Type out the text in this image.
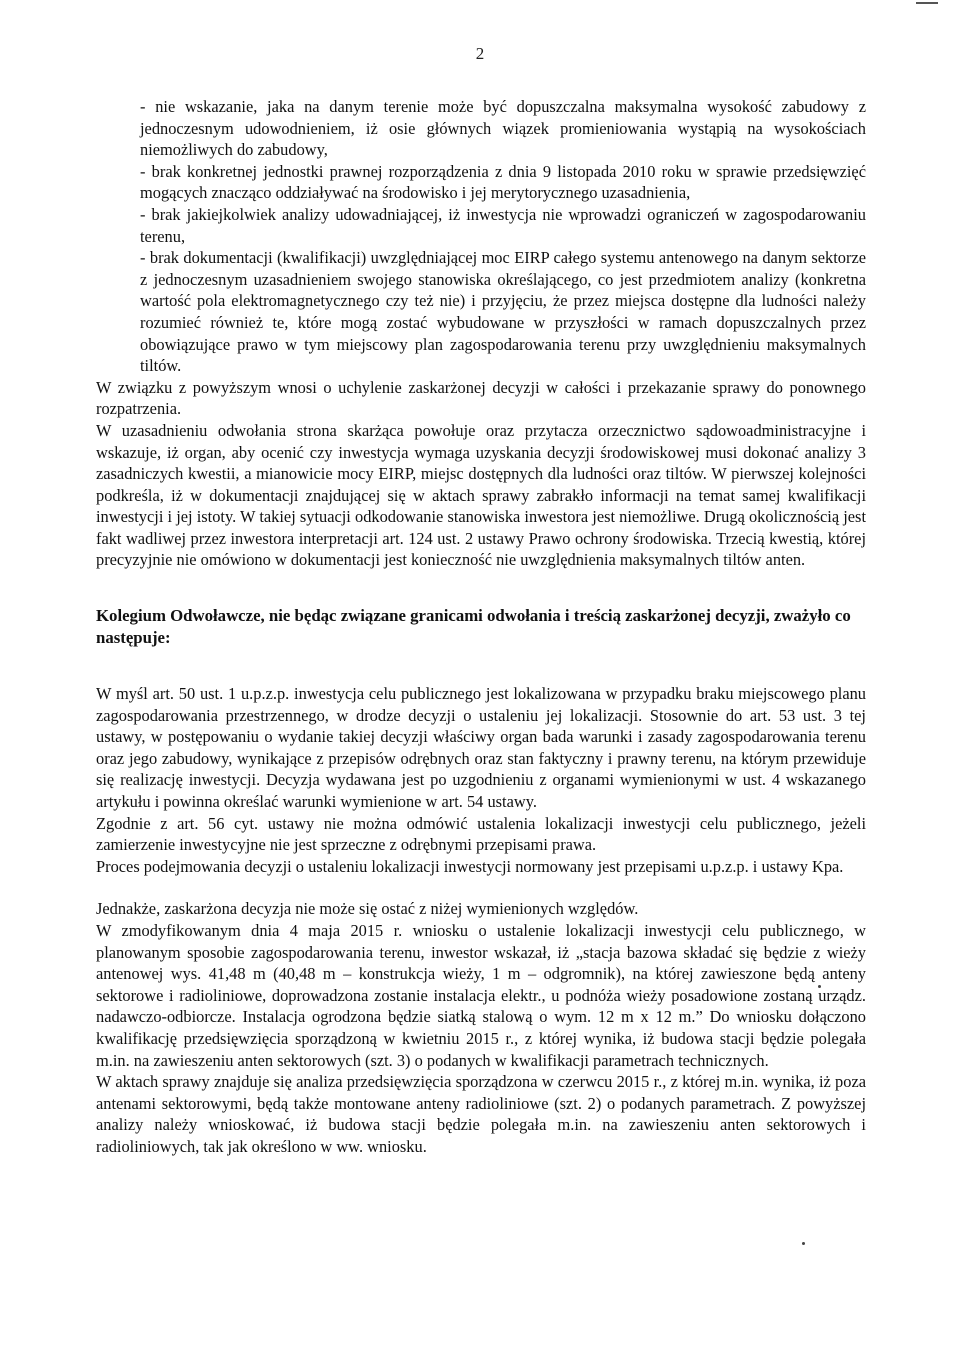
2

- nie wskazanie, jaka na danym terenie może być dopuszczalna maksymalna wysokość zabudowy z jednoczesnym udowodnieniem, iż osie głównych wiązek promieniowania wystąpią na wysokościach niemożliwych do zabudowy,

- brak konkretnej jednostki prawnej rozporządzenia z dnia 9 listopada 2010 roku w sprawie przedsięwzięć mogących znacząco oddziaływać na środowisko i jej merytorycznego uzasadnienia,

- brak jakiejkolwiek analizy udowadniającej, iż inwestycja nie wprowadzi ograniczeń w zagospodarowaniu terenu,

- brak dokumentacji (kwalifikacji) uwzględniającej moc EIRP całego systemu antenowego na danym sektorze z jednoczesnym uzasadnieniem swojego stanowiska określającego, co jest przedmiotem analizy (konkretna wartość pola elektromagnetycznego czy też nie) i przyjęciu, że przez miejsca dostępne dla ludności należy rozumieć również te, które mogą zostać wybudowane w przyszłości w ramach dopuszczalnych przez obowiązujące prawo w tym miejscowy plan zagospodarowania terenu przy uwzględnieniu maksymalnych tiltów.

W związku z powyższym wnosi o uchylenie zaskarżonej decyzji w całości i przekazanie sprawy do ponownego rozpatrzenia.

W uzasadnieniu odwołania strona skarżąca powołuje oraz przytacza orzecznictwo sądowoadministracyjne i wskazuje, iż organ, aby ocenić czy inwestycja wymaga uzyskania decyzji środowiskowej musi dokonać analizy 3 zasadniczych kwestii, a mianowicie mocy EIRP, miejsc dostępnych dla ludności oraz tiltów. W pierwszej kolejności podkreśla, iż w dokumentacji znajdującej się w aktach sprawy zabrakło informacji na temat samej kwalifikacji inwestycji i jej istoty. W takiej sytuacji odkodowanie stanowiska inwestora jest niemożliwe. Drugą okolicznością jest fakt wadliwej przez inwestora interpretacji art. 124 ust. 2 ustawy Prawo ochrony środowiska. Trzecią kwestią, której precyzyjnie nie omówiono w dokumentacji jest konieczność nie uwzględnienia maksymalnych tiltów anten.

Kolegium Odwoławcze, nie będąc związane granicami odwołania i treścią zaskarżonej decyzji, zważyło co następuje:

W myśl art. 50 ust. 1 u.p.z.p. inwestycja celu publicznego jest lokalizowana w przypadku braku miejscowego planu zagospodarowania przestrzennego, w drodze decyzji o ustaleniu jej lokalizacji. Stosownie do art. 53 ust. 3 tej ustawy, w postępowaniu o wydanie takiej decyzji właściwy organ bada warunki i zasady zagospodarowania terenu oraz jego zabudowy, wynikające z przepisów odrębnych oraz stan faktyczny i prawny terenu, na którym przewiduje się realizację inwestycji. Decyzja wydawana jest po uzgodnieniu z organami wymienionymi w ust. 4 wskazanego artykułu i powinna określać warunki wymienione w art. 54 ustawy.

Zgodnie z art. 56 cyt. ustawy nie można odmówić ustalenia lokalizacji inwestycji celu publicznego, jeżeli zamierzenie inwestycyjne nie jest sprzeczne z odrębnymi przepisami prawa.

Proces podejmowania decyzji o ustaleniu lokalizacji inwestycji normowany jest przepisami u.p.z.p. i ustawy Kpa.

Jednakże, zaskarżona decyzja nie może się ostać z niżej wymienionych względów.

W zmodyfikowanym dnia 4 maja 2015 r. wniosku o ustalenie lokalizacji inwestycji celu publicznego, w planowanym sposobie zagospodarowania terenu, inwestor wskazał, iż „stacja bazowa składać się będzie z wieży antenowej wys. 41,48 m (40,48 m – konstrukcja wieży, 1 m – odgromnik), na której zawieszone będą anteny sektorowe i radioliniowe, doprowadzona zostanie instalacja elektr., u podnóża wieży posadowione zostaną urządz. nadawczo-odbiorcze. Instalacja ogrodzona będzie siatką stalową o wym. 12 m x 12 m.” Do wniosku dołączono kwalifikację przedsięwzięcia sporządzoną w kwietniu 2015 r., z której wynika, iż budowa stacji będzie polegała m.in. na zawieszeniu anten sektorowych (szt. 3) o podanych w kwalifikacji parametrach technicznych.

W aktach sprawy znajduje się analiza przedsięwzięcia sporządzona w czerwcu 2015 r., z której m.in. wynika, iż poza antenami sektorowymi, będą także montowane anteny radioliniowe (szt. 2) o podanych parametrach. Z powyższej analizy należy wnioskować, iż budowa stacji będzie polegała m.in. na zawieszeniu anten sektorowych i radioliniowych, tak jak określono w ww. wniosku.
